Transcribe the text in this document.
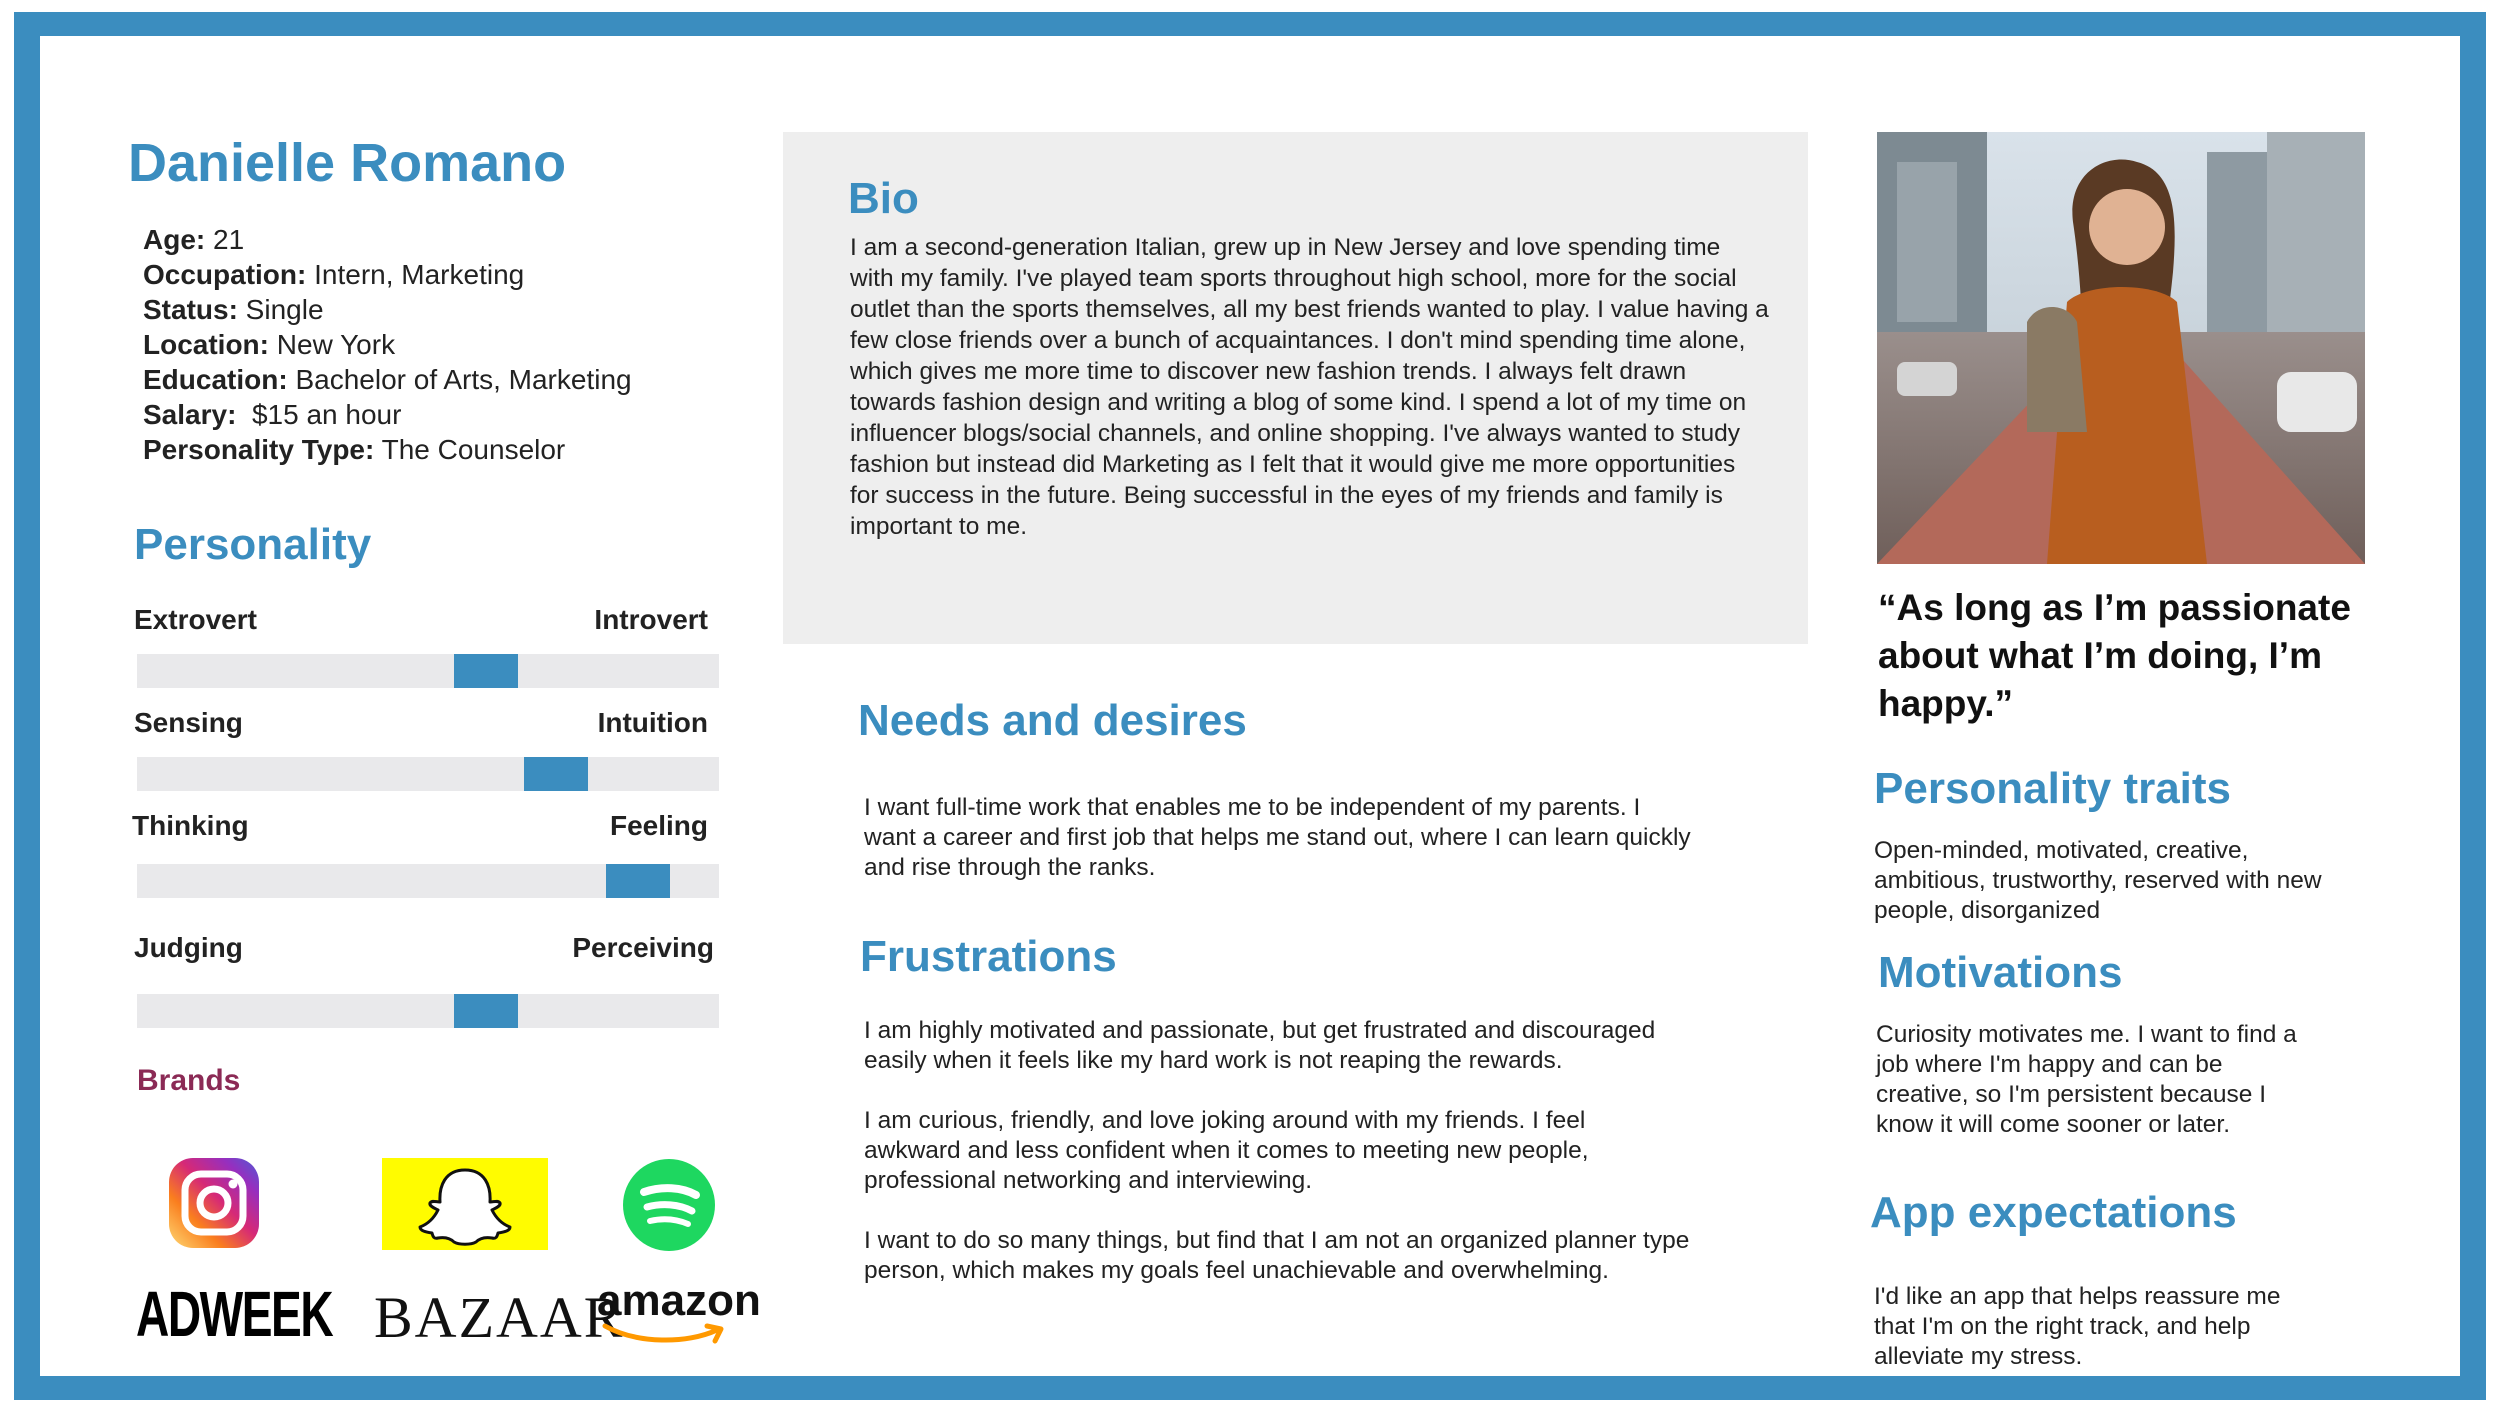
Danielle Romano
Age: 21
Occupation: Intern, Marketing
Status: Single
Location: New York
Education: Bachelor of Arts, Marketing
Salary:  $15 an hour
Personality Type: The Counselor
Personality
Extrovert	Introvert
Sensing	Intuition
Thinking	Feeling
Judging	Perceiving
Brands
ADWEEK BAZAAR
amazon
Bio
I am a second-generation Italian, grew up in New Jersey and love spending time with my family. I've played team sports throughout high school, more for the social outlet than the sports themselves, all my best friends wanted to play. I value having a few close friends over a bunch of acquaintances. I don't mind spending time alone, which gives me more time to discover new fashion trends. I always felt drawn towards fashion design and writing a blog of some kind. I spend a lot of my time on influencer blogs/social channels, and online shopping. I've always wanted to study fashion but instead did Marketing as I felt that it would give me more opportunities for success in the future. Being successful in the eyes of my friends and family is important to me.
Needs and desires
I want full-time work that enables me to be independent of my parents. I want a career and first job that helps me stand out, where I can learn quickly and rise through the ranks.
Frustrations
I am highly motivated and passionate, but get frustrated and discouraged easily when it feels like my hard work is not reaping the rewards.
I am curious, friendly, and love joking around with my friends. I feel awkward and less confident when it comes to meeting new people, professional networking and interviewing.
I want to do so many things, but find that I am not an organized planner type person, which makes my goals feel unachievable and overwhelming.
“As long as I’m passionate about what I’m doing, I’m happy.”
Personality traits
Open-minded, motivated, creative, ambitious, trustworthy, reserved with new people, disorganized
Motivations
Curiosity motivates me. I want to find a job where I'm happy and can be creative, so I'm persistent because I know it will come sooner or later.
App expectations
I'd like an app that helps reassure me that I'm on the right track, and help alleviate my stress.
